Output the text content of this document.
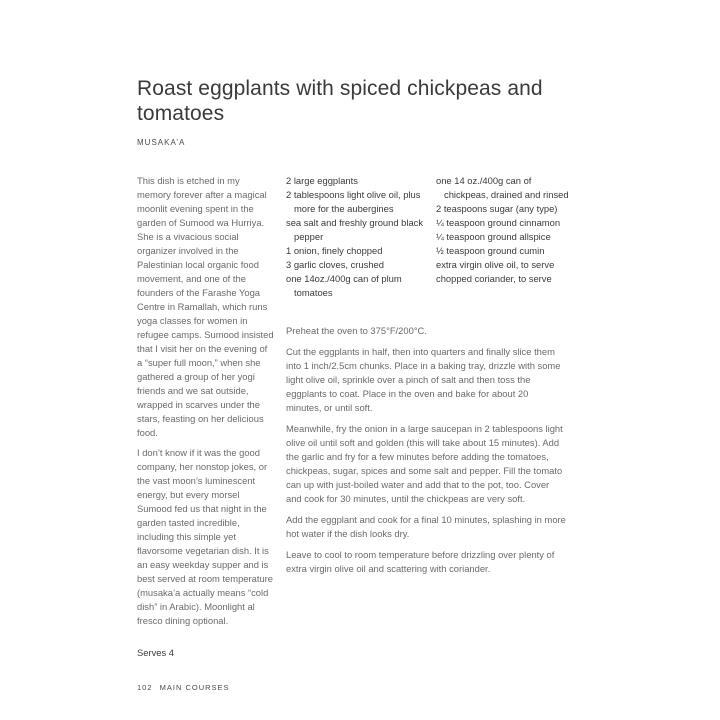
Roast eggplants with spiced chickpeas and tomatoes
MUSAKA’A

This dish is etched in my memory forever after a magical moonlit evening spent in the garden of Sumood wa Hurriya. She is a vivacious social organizer involved in the Palestinian local organic food movement, and one of the founders of the Farashe Yoga Centre in Ramallah, which runs yoga classes for women in refugee camps. Sumood insisted that I visit her on the evening of a “super full moon,” when she gathered a group of her yogi friends and we sat outside, wrapped in scarves under the stars, feasting on her delicious food.

I don’t know if it was the good company, her nonstop jokes, or the vast moon’s luminescent energy, but every morsel Sumood fed us that night in the garden tasted incredible, including this simple yet flavorsome vegetarian dish. It is an easy weekday supper and is best served at room temperature (musaka’a actually means “cold dish” in Arabic). Moonlight al fresco dining optional.

Serves 4
2 large eggplants
2 tablespoons light olive oil, plus more for the aubergines
sea salt and freshly ground black pepper
1 onion, finely chopped
3 garlic cloves, crushed
one 14oz./400g can of plum tomatoes
one 14 oz./400g can of chickpeas, drained and rinsed
2 teaspoons sugar (any type)
¼ teaspoon ground cinnamon
¼ teaspoon ground allspice
½ teaspoon ground cumin
extra virgin olive oil, to serve
chopped coriander, to serve

Preheat the oven to 375°F/200°C.

Cut the eggplants in half, then into quarters and finally slice them into 1 inch/2.5cm chunks. Place in a baking tray, drizzle with some light olive oil, sprinkle over a pinch of salt and then toss the eggplants to coat. Place in the oven and bake for about 20 minutes, or until soft.

Meanwhile, fry the onion in a large saucepan in 2 tablespoons light olive oil until soft and golden (this will take about 15 minutes). Add the garlic and fry for a few minutes before adding the tomatoes, chickpeas, sugar, spices and some salt and pepper. Fill the tomato can up with just-boiled water and add that to the pot, too. Cover and cook for 30 minutes, until the chickpeas are very soft.

Add the eggplant and cook for a final 10 minutes, splashing in more hot water if the dish looks dry.

Leave to cool to room temperature before drizzling over plenty of extra virgin olive oil and scattering with coriander.

102 MAIN COURSES
